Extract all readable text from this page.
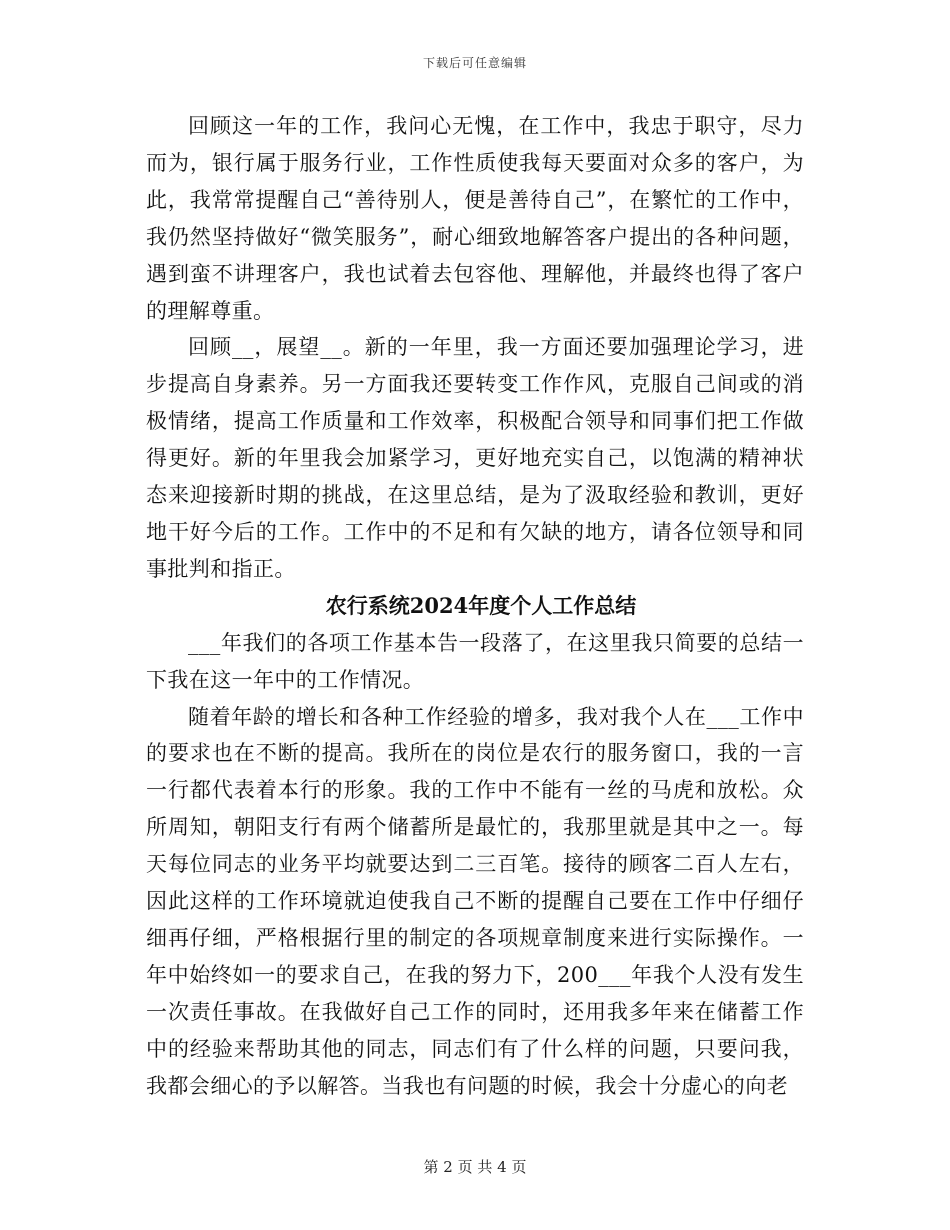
下载后可任意编辑

回顾这一年的工作，我问心无愧，在工作中，我忠于职守，尽力而为，银行属于服务行业，工作性质使我每天要面对众多的客户，为此，我常常提醒自己“善待别人，便是善待自己”，在繁忙的工作中，我仍然坚持做好“微笑服务”，耐心细致地解答客户提出的各种问题，遇到蛮不讲理客户，我也试着去包容他、理解他，并最终也得了客户的理解尊重。

回顾__，展望__。新的一年里，我一方面还要加强理论学习，进步提高自身素养。另一方面我还要转变工作作风，克服自己间或的消极情绪，提高工作质量和工作效率，积极配合领导和同事们把工作做得更好。新的年里我会加紧学习，更好地充实自己，以饱满的精神状态来迎接新时期的挑战，在这里总结，是为了汲取经验和教训，更好地干好今后的工作。工作中的不足和有欠缺的地方，请各位领导和同事批判和指正。

农行系统2024年度个人工作总结

___年我们的各项工作基本告一段落了，在这里我只简要的总结一下我在这一年中的工作情况。

随着年龄的增长和各种工作经验的增多，我对我个人在___工作中的要求也在不断的提高。我所在的岗位是农行的服务窗口，我的一言一行都代表着本行的形象。我的工作中不能有一丝的马虎和放松。众所周知，朝阳支行有两个储蓄所是最忙的，我那里就是其中之一。每天每位同志的业务平均就要达到二三百笔。接待的顾客二百人左右，因此这样的工作环境就迫使我自己不断的提醒自己要在工作中仔细仔细再仔细，严格根据行里的制定的各项规章制度来进行实际操作。一年中始终如一的要求自己，在我的努力下，200___年我个人没有发生一次责任事故。在我做好自己工作的同时，还用我多年来在储蓄工作中的经验来帮助其他的同志，同志们有了什么样的问题，只要问我，我都会细心的予以解答。当我也有问题的时候，我会十分虚心的向老

第 2 页 共 4 页
